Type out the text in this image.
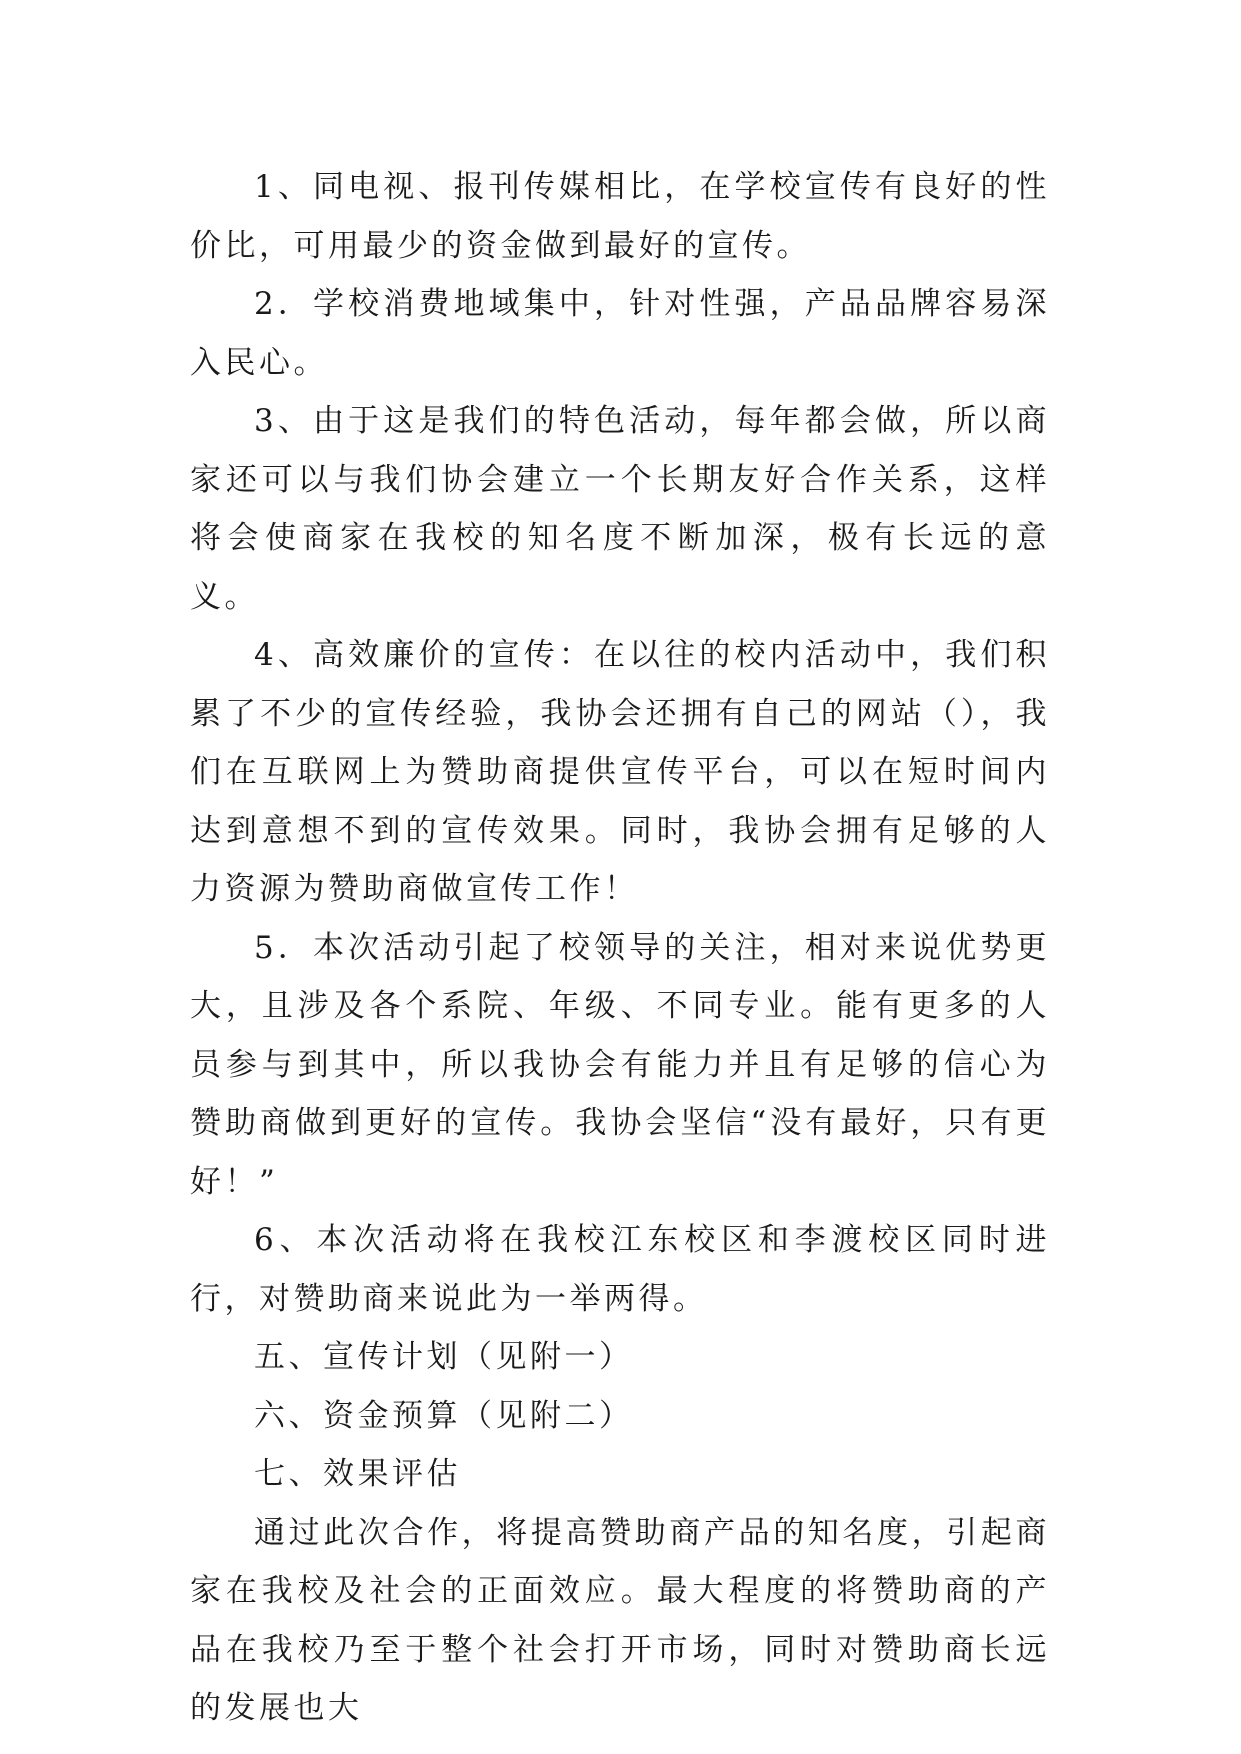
1、同电视、报刊传媒相比，在学校宣传有良好的性价比，可用最少的资金做到最好的宣传。

2．学校消费地域集中，针对性强，产品品牌容易深入民心。

3、由于这是我们的特色活动，每年都会做，所以商家还可以与我们协会建立一个长期友好合作关系，这样将会使商家在我校的知名度不断加深，极有长远的意义。

4、高效廉价的宣传：在以往的校内活动中，我们积累了不少的宣传经验，我协会还拥有自己的网站（），我们在互联网上为赞助商提供宣传平台，可以在短时间内达到意想不到的宣传效果。同时，我协会拥有足够的人力资源为赞助商做宣传工作！

5．本次活动引起了校领导的关注，相对来说优势更大，且涉及各个系院、年级、不同专业。能有更多的人员参与到其中，所以我协会有能力并且有足够的信心为赞助商做到更好的宣传。我协会坚信“没有最好，只有更好！”

6、本次活动将在我校江东校区和李渡校区同时进行，对赞助商来说此为一举两得。

五、宣传计划（见附一）

六、资金预算（见附二）

七、效果评估

通过此次合作，将提高赞助商产品的知名度，引起商家在我校及社会的正面效应。最大程度的将赞助商的产品在我校乃至于整个社会打开市场，同时对赞助商长远的发展也大
